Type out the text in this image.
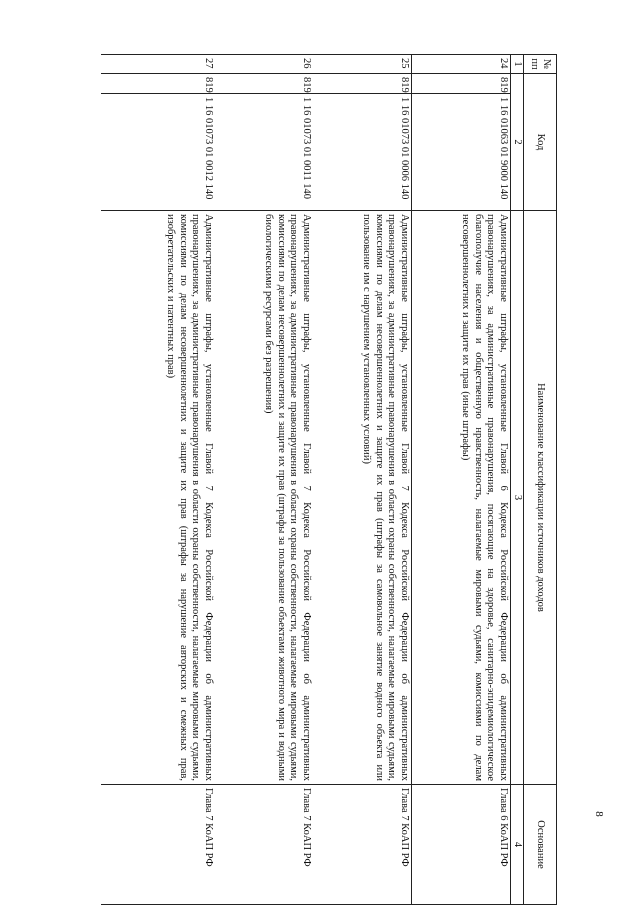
8
№ пп	Код		Наименование классификации источников доходов	Основание
1	2		3	4
24	819	1 16 01063 01 9000 140	Административные штрафы, установленные Главой 6 Кодекса Российской Федерации об административных правонарушениях, за административные правонарушения, посягающие на здоровье, санитарно-эпидемиологическое благополучие населения и общественную нравственность, налагаемые мировыми судьями, комиссиями по делам несовершеннолетних и защите их прав (иные штрафы)	Глава 6 КоАП РФ
25	819	1 16 01073 01 0006 140	Административные штрафы, установленные Главой 7 Кодекса Российской Федерации об административных правонарушениях, за административные правонарушения в области охраны собственности, налагаемые мировыми судьями, комиссиями по делам несовершеннолетних и защите их прав (штрафы за самовольное занятие водного объекта или пользование им с нарушением установленных условий)	Глава 7 КоАП РФ
26	819	1 16 01073 01 0011 140	Административные штрафы, установленные Главой 7 Кодекса Российской Федерации об административных правонарушениях, за административные правонарушения в области охраны собственности, налагаемые мировыми судьями, комиссиями по делам несовершеннолетних и защите их прав (штрафы за пользование объектами животного мира и водными биологическими ресурсами без разрешения)	Глава 7 КоАП РФ
27	819	1 16 01073 01 0012 140	Административные штрафы, установленные Главой 7 Кодекса Российской Федерации об административных правонарушениях, за административные правонарушения в области охраны собственности, налагаемые мировыми судьями, комиссиями по делам несовершеннолетних и защите их прав (штрафы за нарушение авторских и смежных прав, изобретательских и патентных прав)	Глава 7 КоАП РФ
